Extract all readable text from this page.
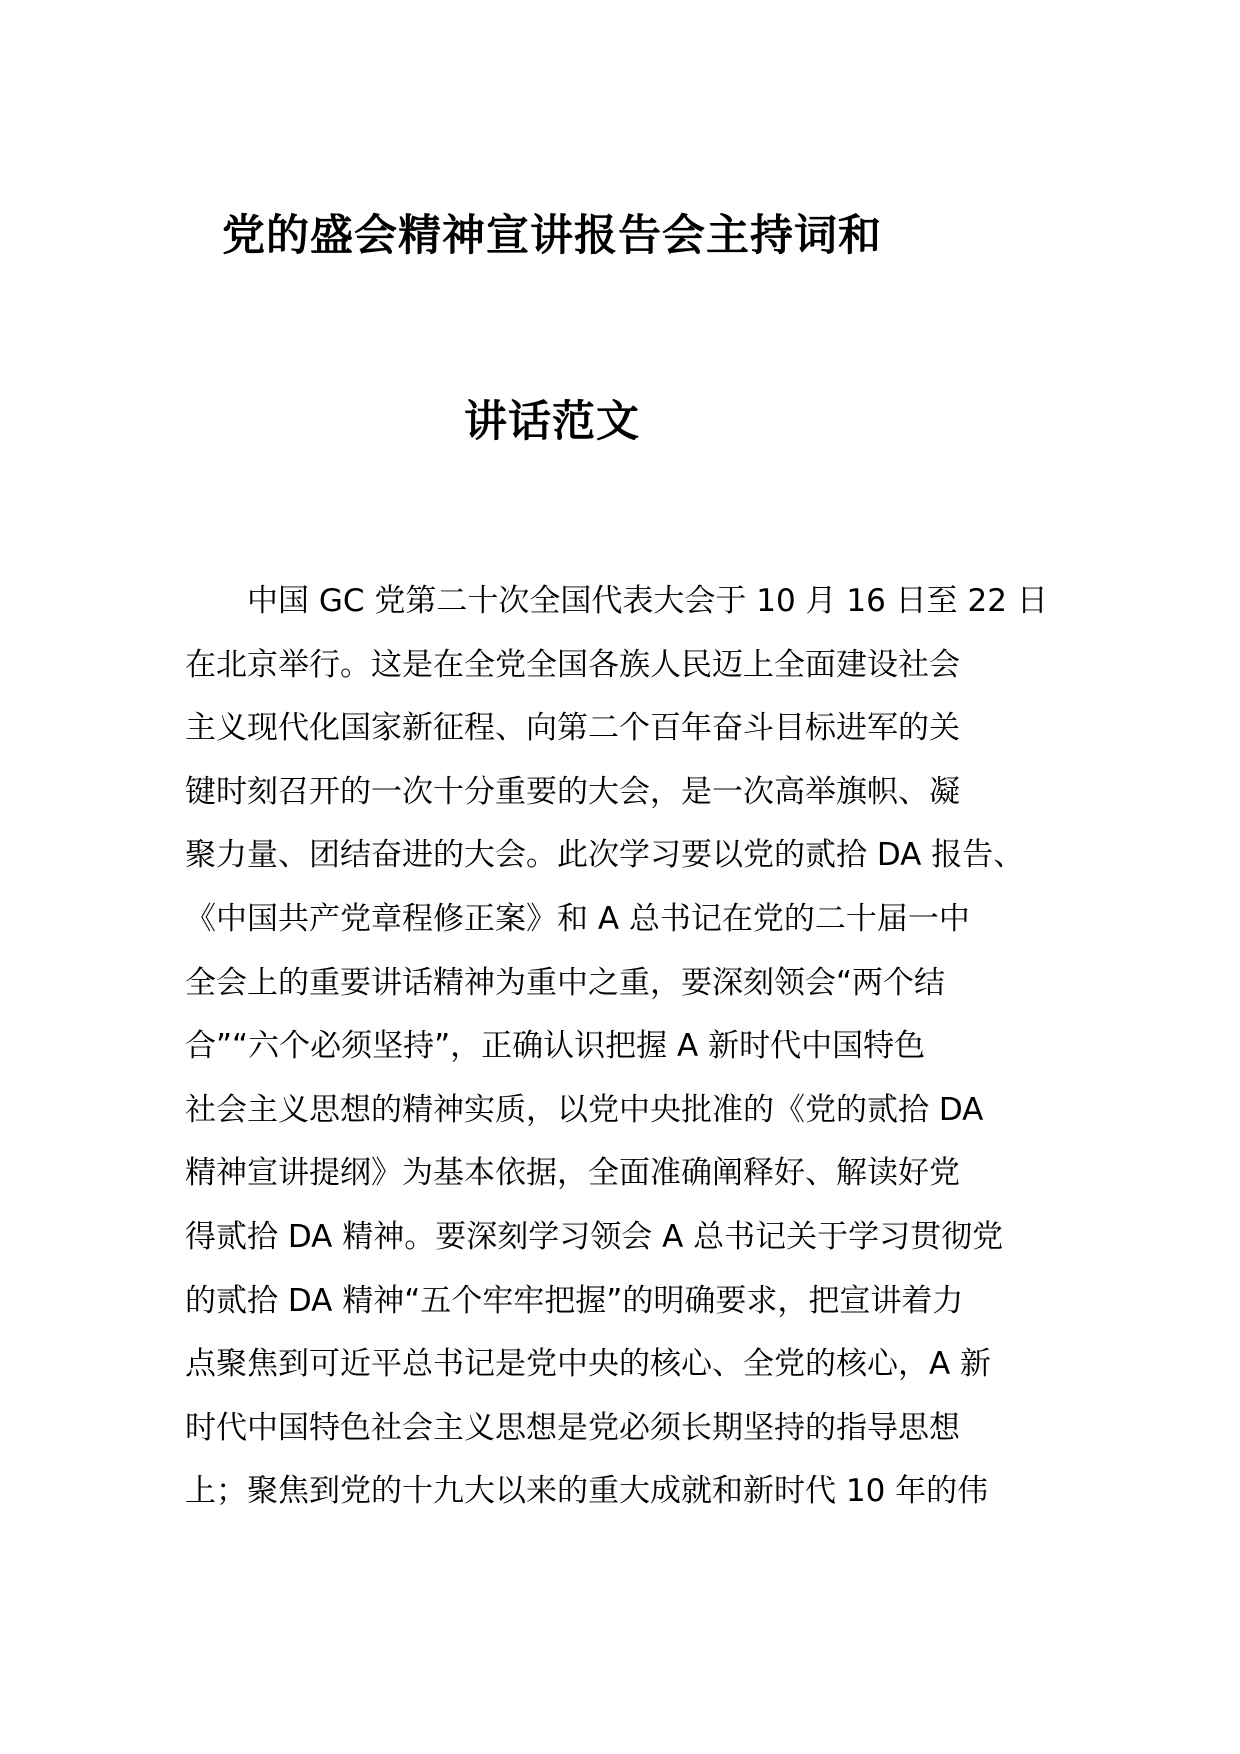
党的盛会精神宣讲报告会主持词和
讲话范文
　　中国 GC 党第二十次全国代表大会于 10 月 16 日至 22 日
在北京举行。这是在全党全国各族人民迈上全面建设社会
主义现代化国家新征程、向第二个百年奋斗目标进军的关
键时刻召开的一次十分重要的大会，是一次高举旗帜、凝
聚力量、团结奋进的大会。此次学习要以党的贰拾 DA 报告、
《中国共产党章程修正案》和 A 总书记在党的二十届一中
全会上的重要讲话精神为重中之重，要深刻领会“两个结
合”“六个必须坚持”，正确认识把握 A 新时代中国特色
社会主义思想的精神实质，以党中央批准的《党的贰拾 DA
精神宣讲提纲》为基本依据，全面准确阐释好、解读好党
得贰拾 DA 精神。要深刻学习领会 A 总书记关于学习贯彻党
的贰拾 DA 精神“五个牢牢把握”的明确要求，把宣讲着力
点聚焦到可近平总书记是党中央的核心、全党的核心，A 新
时代中国特色社会主义思想是党必须长期坚持的指导思想
上；聚焦到党的十九大以来的重大成就和新时代 10 年的伟
